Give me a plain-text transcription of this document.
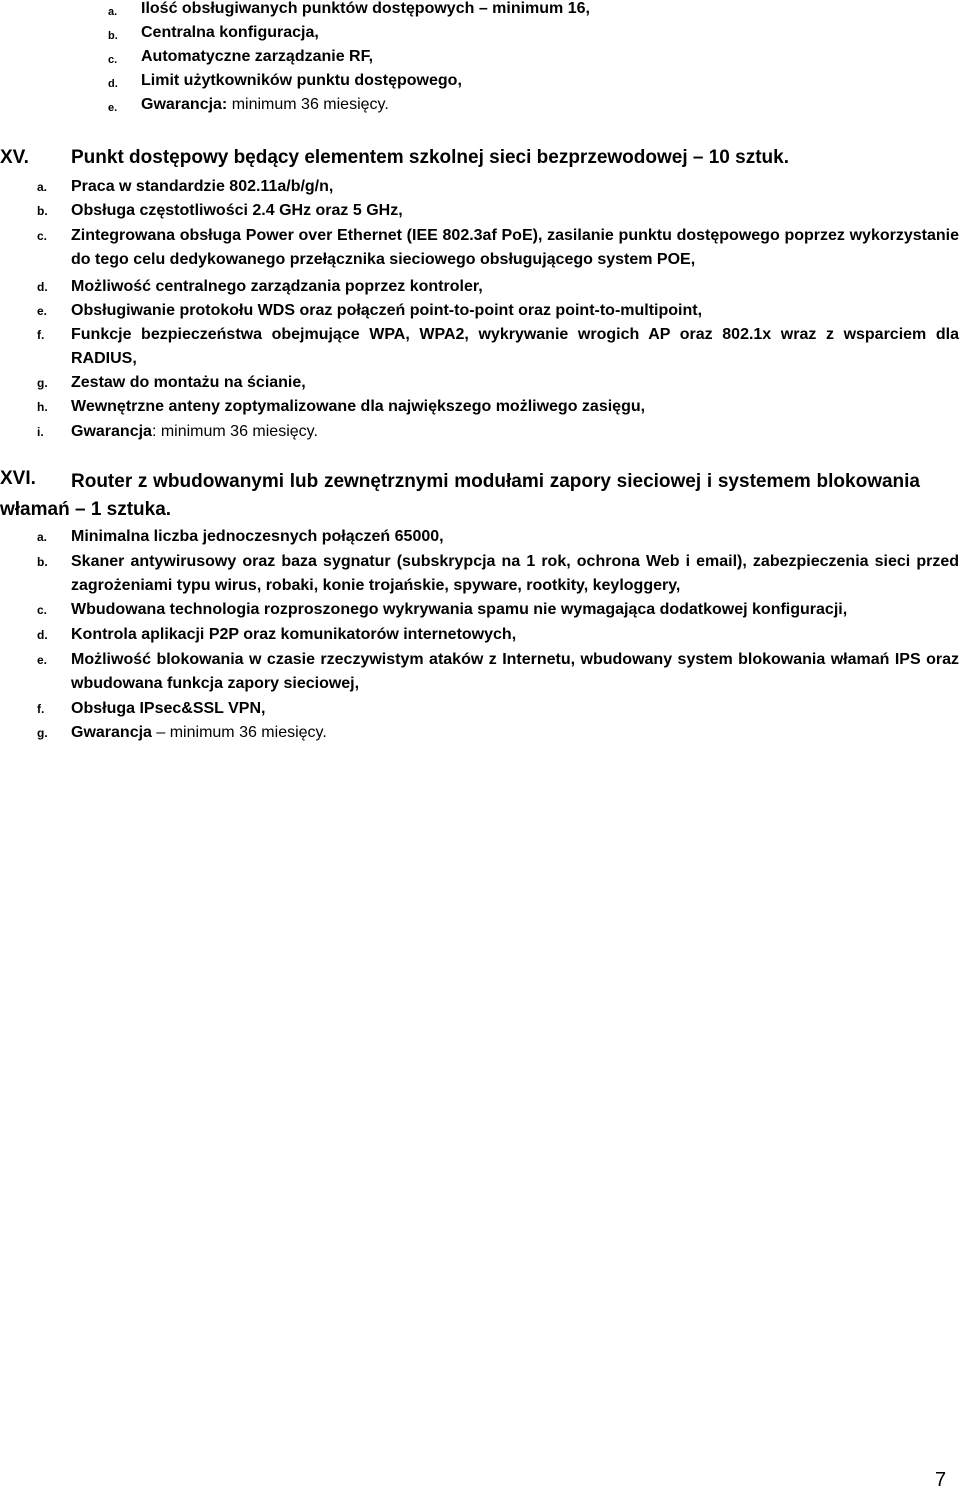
a. Ilość obsługiwanych punktów dostępowych – minimum 16,
b. Centralna konfiguracja,
c. Automatyczne zarządzanie RF,
d. Limit użytkowników punktu dostępowego,
e. Gwarancja: minimum 36 miesięcy.
XV. Punkt dostępowy będący elementem szkolnej sieci bezprzewodowej – 10 sztuk.
a. Praca w standardzie 802.11a/b/g/n,
b. Obsługa częstotliwości 2.4 GHz oraz 5 GHz,
c. Zintegrowana obsługa Power over Ethernet (IEE 802.3af PoE), zasilanie punktu dostępowego poprzez wykorzystanie do tego celu dedykowanego przełącznika sieciowego obsługującego system POE,
d. Możliwość centralnego zarządzania poprzez kontroler,
e. Obsługiwanie protokołu WDS oraz połączeń point-to-point oraz point-to-multipoint,
f. Funkcje bezpieczeństwa obejmujące WPA, WPA2, wykrywanie wrogich AP oraz 802.1x wraz z wsparciem dla RADIUS,
g. Zestaw do montażu na ścianie,
h. Wewnętrzne anteny zoptymalizowane dla największego możliwego zasięgu,
i. Gwarancja: minimum 36 miesięcy.
XVI.	Router z wbudowanymi lub zewnętrznymi modułami zapory sieciowej i systemem blokowania włamań – 1 sztuka.
a. Minimalna liczba jednoczesnych połączeń 65000,
b. Skaner antywirusowy oraz baza sygnatur (subskrypcja na 1 rok, ochrona Web i email), zabezpieczenia sieci przed zagrożeniami typu wirus, robaki, konie trojańskie, spyware, rootkity, keyloggery,
c. Wbudowana technologia rozproszonego wykrywania spamu nie wymagająca dodatkowej konfiguracji,
d. Kontrola aplikacji P2P oraz komunikatorów internetowych,
e. Możliwość blokowania w czasie rzeczywistym ataków z Internetu, wbudowany system blokowania włamań IPS oraz wbudowana funkcja zapory sieciowej,
f. Obsługa IPsec&SSL VPN,
g. Gwarancja – minimum 36 miesięcy.
7
